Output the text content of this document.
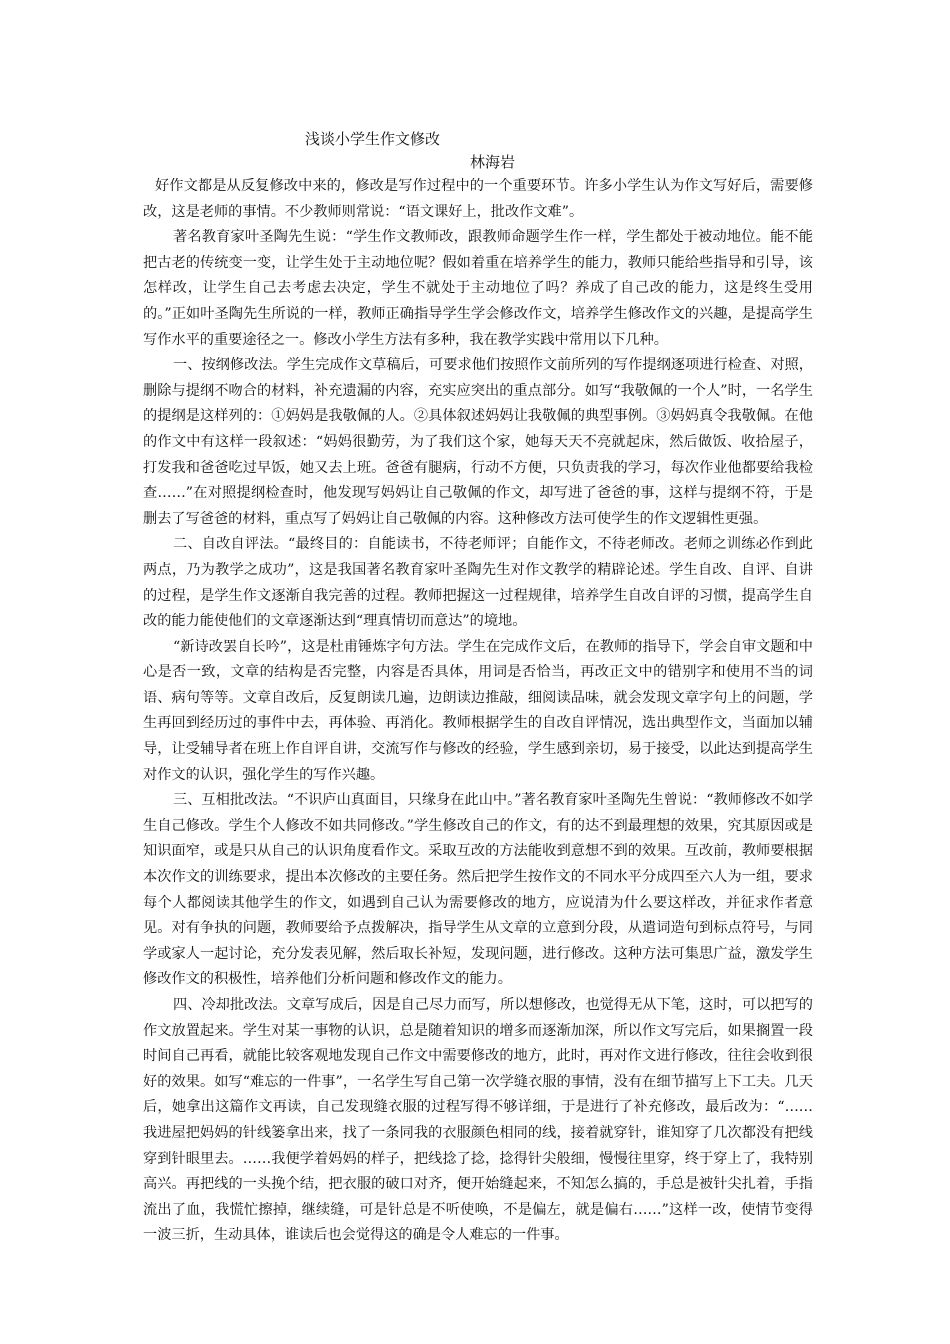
浅谈小学生作文修改
林海岩

好作文都是从反复修改中来的，修改是写作过程中的一个重要环节。许多小学生认为作文写好后，需要修改，这是老师的事情。不少教师则常说：“语文课好上，批改作文难”。

著名教育家叶圣陶先生说：“学生作文教师改，跟教师命题学生作一样，学生都处于被动地位。能不能把古老的传统变一变，让学生处于主动地位呢？假如着重在培养学生的能力，教师只能给些指导和引导，该怎样改，让学生自己去考虑去决定，学生不就处于主动地位了吗？养成了自己改的能力，这是终生受用的。”正如叶圣陶先生所说的一样，教师正确指导学生学会修改作文，培养学生修改作文的兴趣，是提高学生写作水平的重要途径之一。修改小学生方法有多种，我在教学实践中常用以下几种。

一、按纲修改法。学生完成作文草稿后，可要求他们按照作文前所列的写作提纲逐项进行检查、对照，删除与提纲不吻合的材料，补充遗漏的内容，充实应突出的重点部分。如写“我敬佩的一个人”时，一名学生的提纲是这样列的：①妈妈是我敬佩的人。②具体叙述妈妈让我敬佩的典型事例。③妈妈真令我敬佩。在他的作文中有这样一段叙述：“妈妈很勤劳，为了我们这个家，她每天天不亮就起床，然后做饭、收拾屋子，打发我和爸爸吃过早饭，她又去上班。爸爸有腿病，行动不方便，只负责我的学习，每次作业他都要给我检查……”在对照提纲检查时，他发现写妈妈让自己敬佩的作文，却写进了爸爸的事，这样与提纲不符，于是删去了写爸爸的材料，重点写了妈妈让自己敬佩的内容。这种修改方法可使学生的作文逻辑性更强。

二、自改自评法。“最终目的：自能读书，不待老师评；自能作文，不待老师改。老师之训练必作到此两点，乃为教学之成功”，这是我国著名教育家叶圣陶先生对作文教学的精辟论述。学生自改、自评、自讲的过程，是学生作文逐渐自我完善的过程。教师把握这一过程规律，培养学生自改自评的习惯，提高学生自改的能力能使他们的文章逐渐达到“理真情切而意达”的境地。

“新诗改罢自长吟”，这是杜甫锤炼字句方法。学生在完成作文后，在教师的指导下，学会自审文题和中心是否一致，文章的结构是否完整，内容是否具体，用词是否恰当，再改正文中的错别字和使用不当的词语、病句等等。文章自改后，反复朗读几遍，边朗读边推敲，细阅读品味，就会发现文章字句上的问题，学生再回到经历过的事件中去，再体验、再消化。教师根据学生的自改自评情况，选出典型作文，当面加以辅导，让受辅导者在班上作自评自讲，交流写作与修改的经验，学生感到亲切，易于接受，以此达到提高学生对作文的认识，强化学生的写作兴趣。

三、互相批改法。“不识庐山真面目，只缘身在此山中。”著名教育家叶圣陶先生曾说：“教师修改不如学生自己修改。学生个人修改不如共同修改。”学生修改自己的作文，有的达不到最理想的效果，究其原因或是知识面窄，或是只从自己的认识角度看作文。采取互改的方法能收到意想不到的效果。互改前，教师要根据本次作文的训练要求，提出本次修改的主要任务。然后把学生按作文的不同水平分成四至六人为一组，要求每个人都阅读其他学生的作文，如遇到自己认为需要修改的地方，应说清为什么要这样改，并征求作者意见。对有争执的问题，教师要给予点拨解决，指导学生从文章的立意到分段，从遣词造句到标点符号，与同学或家人一起讨论，充分发表见解，然后取长补短，发现问题，进行修改。这种方法可集思广益，激发学生修改作文的积极性，培养他们分析问题和修改作文的能力。

四、冷却批改法。文章写成后，因是自己尽力而写，所以想修改，也觉得无从下笔，这时，可以把写的作文放置起来。学生对某一事物的认识，总是随着知识的增多而逐渐加深，所以作文写完后，如果搁置一段时间自己再看，就能比较客观地发现自己作文中需要修改的地方，此时，再对作文进行修改，往往会收到很好的效果。如写“难忘的一件事”，一名学生写自己第一次学缝衣服的事情，没有在细节描写上下工夫。几天后，她拿出这篇作文再读，自己发现缝衣服的过程写得不够详细，于是进行了补充修改，最后改为：“……我进屋把妈妈的针线篓拿出来，找了一条同我的衣服颜色相同的线，接着就穿针，谁知穿了几次都没有把线穿到针眼里去。……我便学着妈妈的样子，把线捻了捻，捻得针尖般细，慢慢往里穿，终于穿上了，我特别高兴。再把线的一头挽个结，把衣服的破口对齐，便开始缝起来，不知怎么搞的，手总是被针尖扎着，手指流出了血，我慌忙擦掉，继续缝，可是针总是不听使唤，不是偏左，就是偏右……”这样一改，使情节变得一波三折，生动具体，谁读后也会觉得这的确是令人难忘的一件事。
